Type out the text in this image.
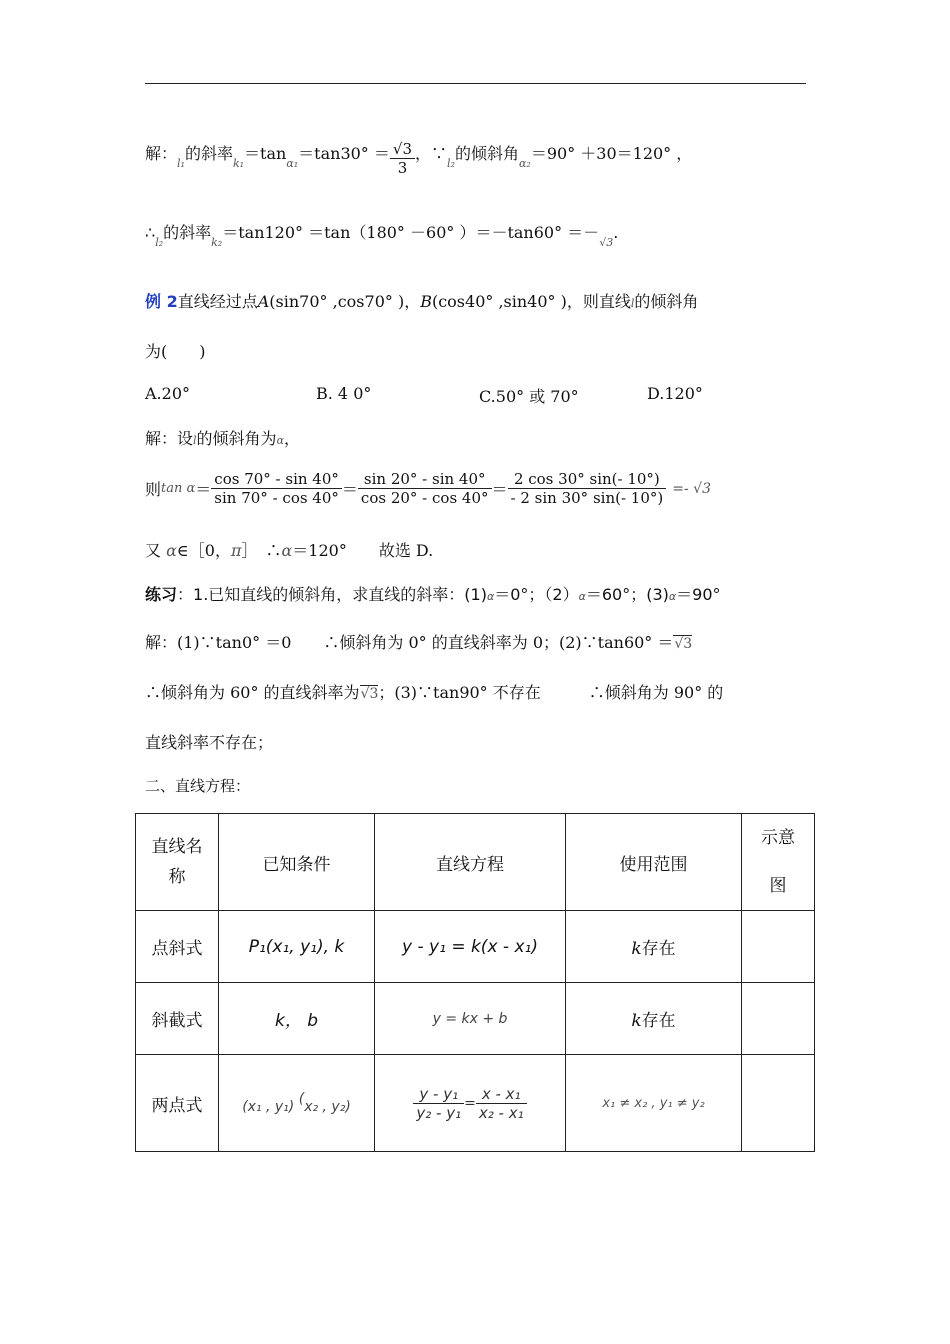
解：$_{l_1}$的斜率$_{k_1}=\tan_{\alpha_1}=\tan 30^\circ = \frac{√3}{3}$ ，$\because_{l_2}$的倾斜角$_{\alpha_2}$＝90° ＋30＝120° ，
$\therefore_{l_2}$的斜率$_{k_2}$＝tan120° ＝tan（180° －60° ）$=-\tan 60^\circ =-_{√3}$.
例 2直线经过点A(sin70° ,cos70° )，B(cos40° ,sin40° )，则直线l的倾斜角
为(　　)
A.20°	B. 4 0°	C.50° 或 70°	D.120°
解：设l的倾斜角为α，
则$\tan \alpha= \frac{\cos 70^\circ - \sin 40^\circ}{\sin 70^\circ - \cos 40^\circ} = \frac{\sin 20^\circ - \sin 40^\circ}{\cos 20^\circ - \cos 40^\circ} = \frac{2 \cos 30^\circ \sin(- 10^\circ)}{- 2 \sin 30^\circ \sin(- 10^\circ)} =- √3$
又 α∈［0，π］　∴α＝120°　　故选 D.
练习：1.已知直线的倾斜角，求直线的斜率：(1)α＝0°；（2）α＝60°；(3)α＝90°
解：(1)∵tan0° ＝0　　∴倾斜角为 0° 的直线斜率为 0；(2)∵tan60° ＝√3
∴倾斜角为 60° 的直线斜率为√3；(3)∵tan90° 不存在　　　∴倾斜角为 90° 的
直线斜率不存在；
二、直线方程：
直线名
称	已知条件	直线方程	使用范围	示意
图
点斜式	P₁(x₁, y₁), k	y - y₁ = k(x - x₁)	k存在	
斜截式	k， b	y = kx + b	k存在	
两点式	(x₁ , y₁) (x₂ , y₂)	$\frac{\text{y - y₁}}{\text{y₂ - y₁}} = \frac{\text{x - x₁}}{\text{x₂ - x₁}}$	x₁ ≠ x₂ , y₁ ≠ y₂	
